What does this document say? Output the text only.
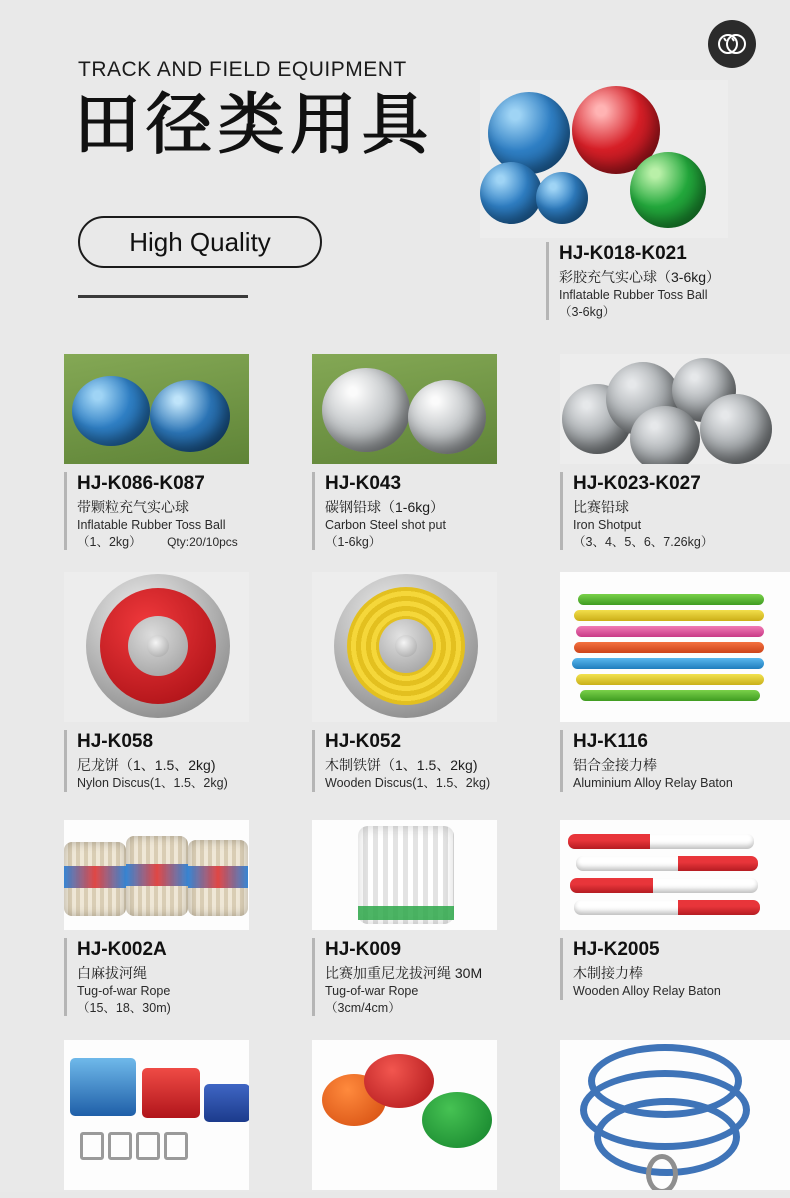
TRACK AND FIELD EQUIPMENT
田径类用具
High Quality	HJ-K018-K021
彩胶充气实心球（3-6kg）
Inflatable Rubber Toss Ball
（3-6kg）
HJ-K086-K087
带颗粒充气实心球
Inflatable Rubber Toss Ball
（1、2kg） Qty:20/10pcs
HJ-K043
碳钢铅球（1-6kg）
Carbon Steel shot put
（1-6kg）
HJ-K023-K027
比赛铅球
Iron Shotput
（3、4、5、6、7.26kg）
HJ-K058
尼龙饼（1、1.5、2kg)
Nylon Discus(1、1.5、2kg)
HJ-K052
木制铁饼（1、1.5、2kg)
Wooden Discus(1、1.5、2kg)
HJ-K116
铝合金接力棒
Aluminium Alloy Relay Baton
HJ-K002A
白麻拔河绳
Tug-of-war Rope
（15、18、30m)
HJ-K009
比赛加重尼龙拔河绳 30M
Tug-of-war Rope
（3cm/4cm）
HJ-K2005
木制接力棒
Wooden Alloy Relay Baton
